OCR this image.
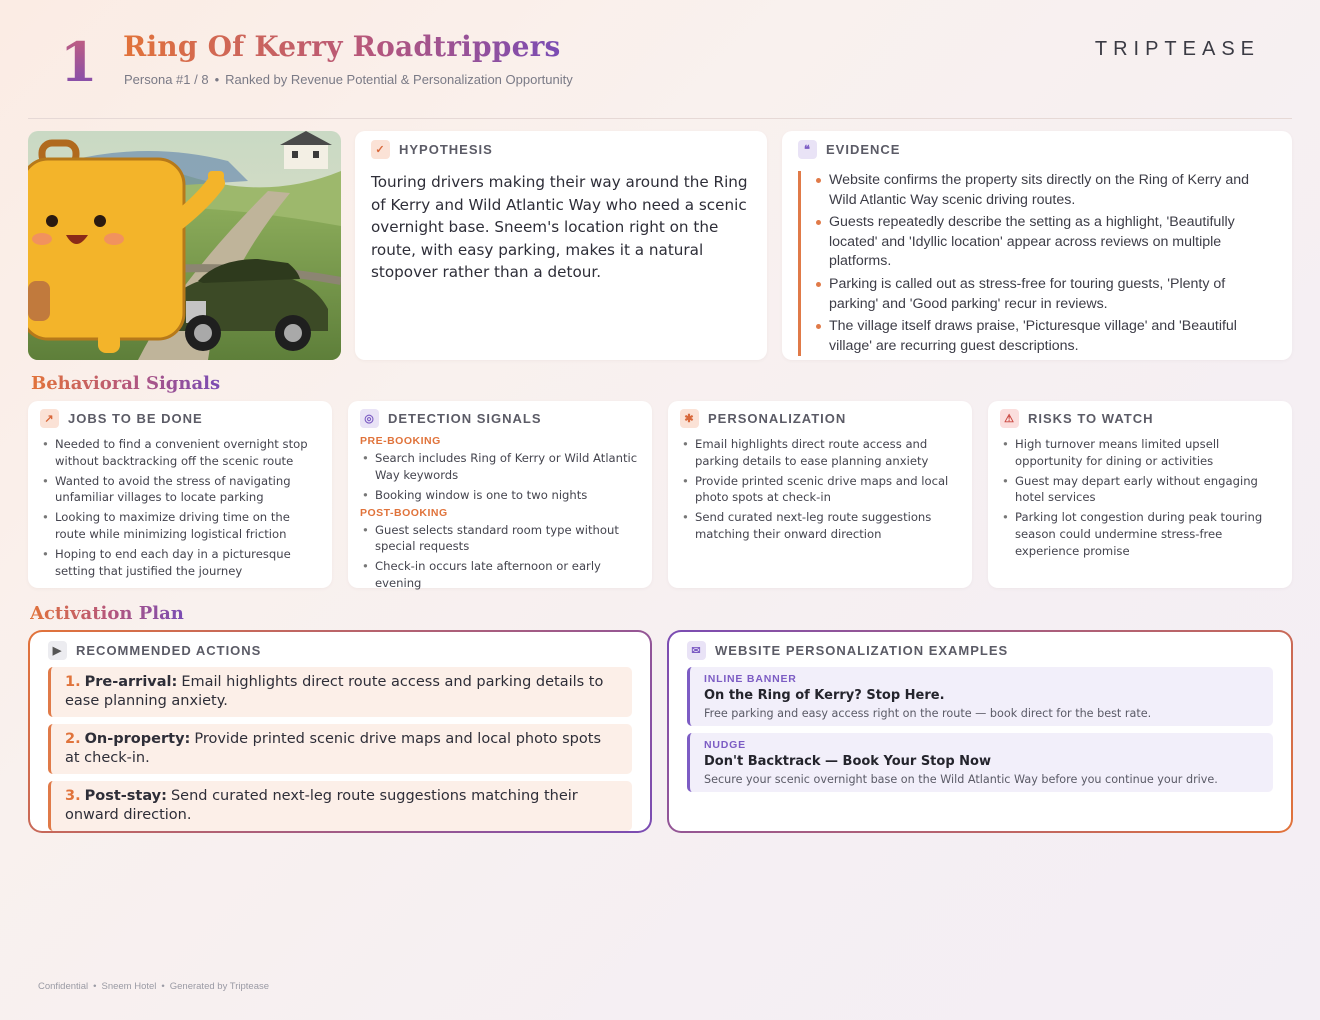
1 Ring Of Kerry Roadtrippers
Persona #1 / 8 • Ranked by Revenue Potential & Personalization Opportunity
TRIPTEASE
✓	HYPOTHESIS
Touring drivers making their way around the Ring of Kerry and Wild Atlantic Way who need a scenic overnight base. Sneem's location right on the route, with easy parking, makes it a natural stopover rather than a detour.
❝	EVIDENCE
Website confirms the property sits directly on the Ring of Kerry and Wild Atlantic Way scenic driving routes.
Guests repeatedly describe the setting as a highlight, 'Beautifully located' and 'Idyllic location' appear across reviews on multiple platforms.
Parking is called out as stress-free for touring guests, 'Plenty of parking' and 'Good parking' recur in reviews.
The village itself draws praise, 'Picturesque village' and 'Beautiful village' are recurring guest descriptions.
Behavioral Signals
↗	JOBS TO BE DONE
• Needed to find a convenient overnight stop without backtracking off the scenic route
• Wanted to avoid the stress of navigating unfamiliar villages to locate parking
• Looking to maximize driving time on the route while minimizing logistical friction
• Hoping to end each day in a picturesque setting that justified the journey
◎	DETECTION SIGNALS
PRE-BOOKING
• Search includes Ring of Kerry or Wild Atlantic Way keywords
• Booking window is one to two nights
POST-BOOKING
• Guest selects standard room type without special requests
• Check-in occurs late afternoon or early evening
✱	PERSONALIZATION
• Email highlights direct route access and parking details to ease planning anxiety
• Provide printed scenic drive maps and local photo spots at check-in
• Send curated next-leg route suggestions matching their onward direction
⚠	RISKS TO WATCH
• High turnover means limited upsell opportunity for dining or activities
• Guest may depart early without engaging hotel services
• Parking lot congestion during peak touring season could undermine stress-free experience promise
Activation Plan
▶	RECOMMENDED ACTIONS
1. Pre-arrival: Email highlights direct route access and parking details to ease planning anxiety.
2. On-property: Provide printed scenic drive maps and local photo spots at check-in.
3. Post-stay: Send curated next-leg route suggestions matching their onward direction.
✉	WEBSITE PERSONALIZATION EXAMPLES
INLINE BANNER
On the Ring of Kerry? Stop Here.
Free parking and easy access right on the route — book direct for the best rate.
NUDGE
Don't Backtrack — Book Your Stop Now
Secure your scenic overnight base on the Wild Atlantic Way before you continue your drive.
Confidential • Sneem Hotel • Generated by Triptease
